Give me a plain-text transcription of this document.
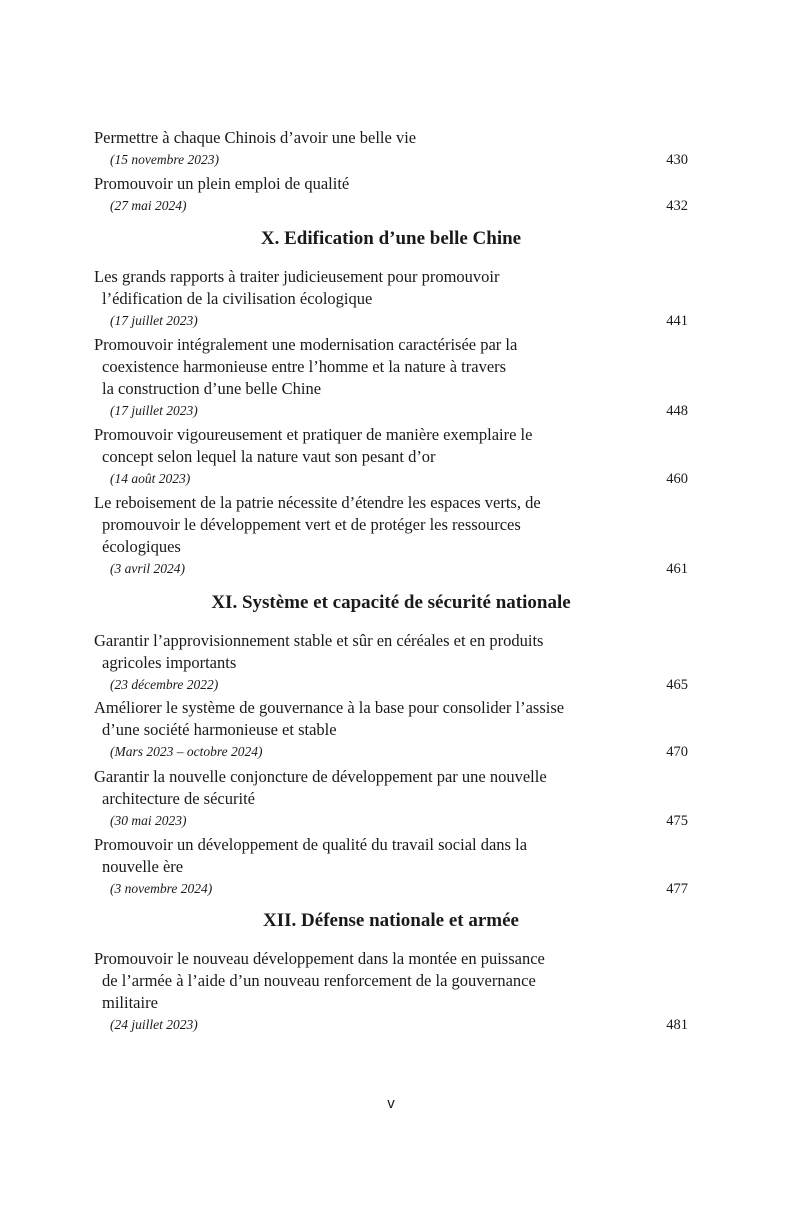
Permettre à chaque Chinois d’avoir une belle vie
(15 novembre 2023)	430
Promouvoir un plein emploi de qualité
(27 mai 2024)	432
X. Edification d’une belle Chine
Les grands rapports à traiter judicieusement pour promouvoir
l’édification de la civilisation écologique
(17 juillet 2023)	441
Promouvoir intégralement une modernisation caractérisée par la
coexistence harmonieuse entre l’homme et la nature à travers
la construction d’une belle Chine
(17 juillet 2023)	448
Promouvoir vigoureusement et pratiquer de manière exemplaire le
concept selon lequel la nature vaut son pesant d’or
(14 août 2023)	460
Le reboisement de la patrie nécessite d’étendre les espaces verts, de
promouvoir le développement vert et de protéger les ressources
écologiques
(3 avril 2024)	461
XI. Système et capacité de sécurité nationale
Garantir l’approvisionnement stable et sûr en céréales et en produits
agricoles importants
(23 décembre 2022)	465
Améliorer le système de gouvernance à la base pour consolider l’assise
d’une société harmonieuse et stable
(Mars 2023 – octobre 2024)	470
Garantir la nouvelle conjoncture de développement par une nouvelle
architecture de sécurité
(30 mai 2023)	475
Promouvoir un développement de qualité du travail social dans la
nouvelle ère
(3 novembre 2024)	477
XII. Défense nationale et armée
Promouvoir le nouveau développement dans la montée en puissance
de l’armée à l’aide d’un nouveau renforcement de la gouvernance
militaire
(24 juillet 2023)	481
v
